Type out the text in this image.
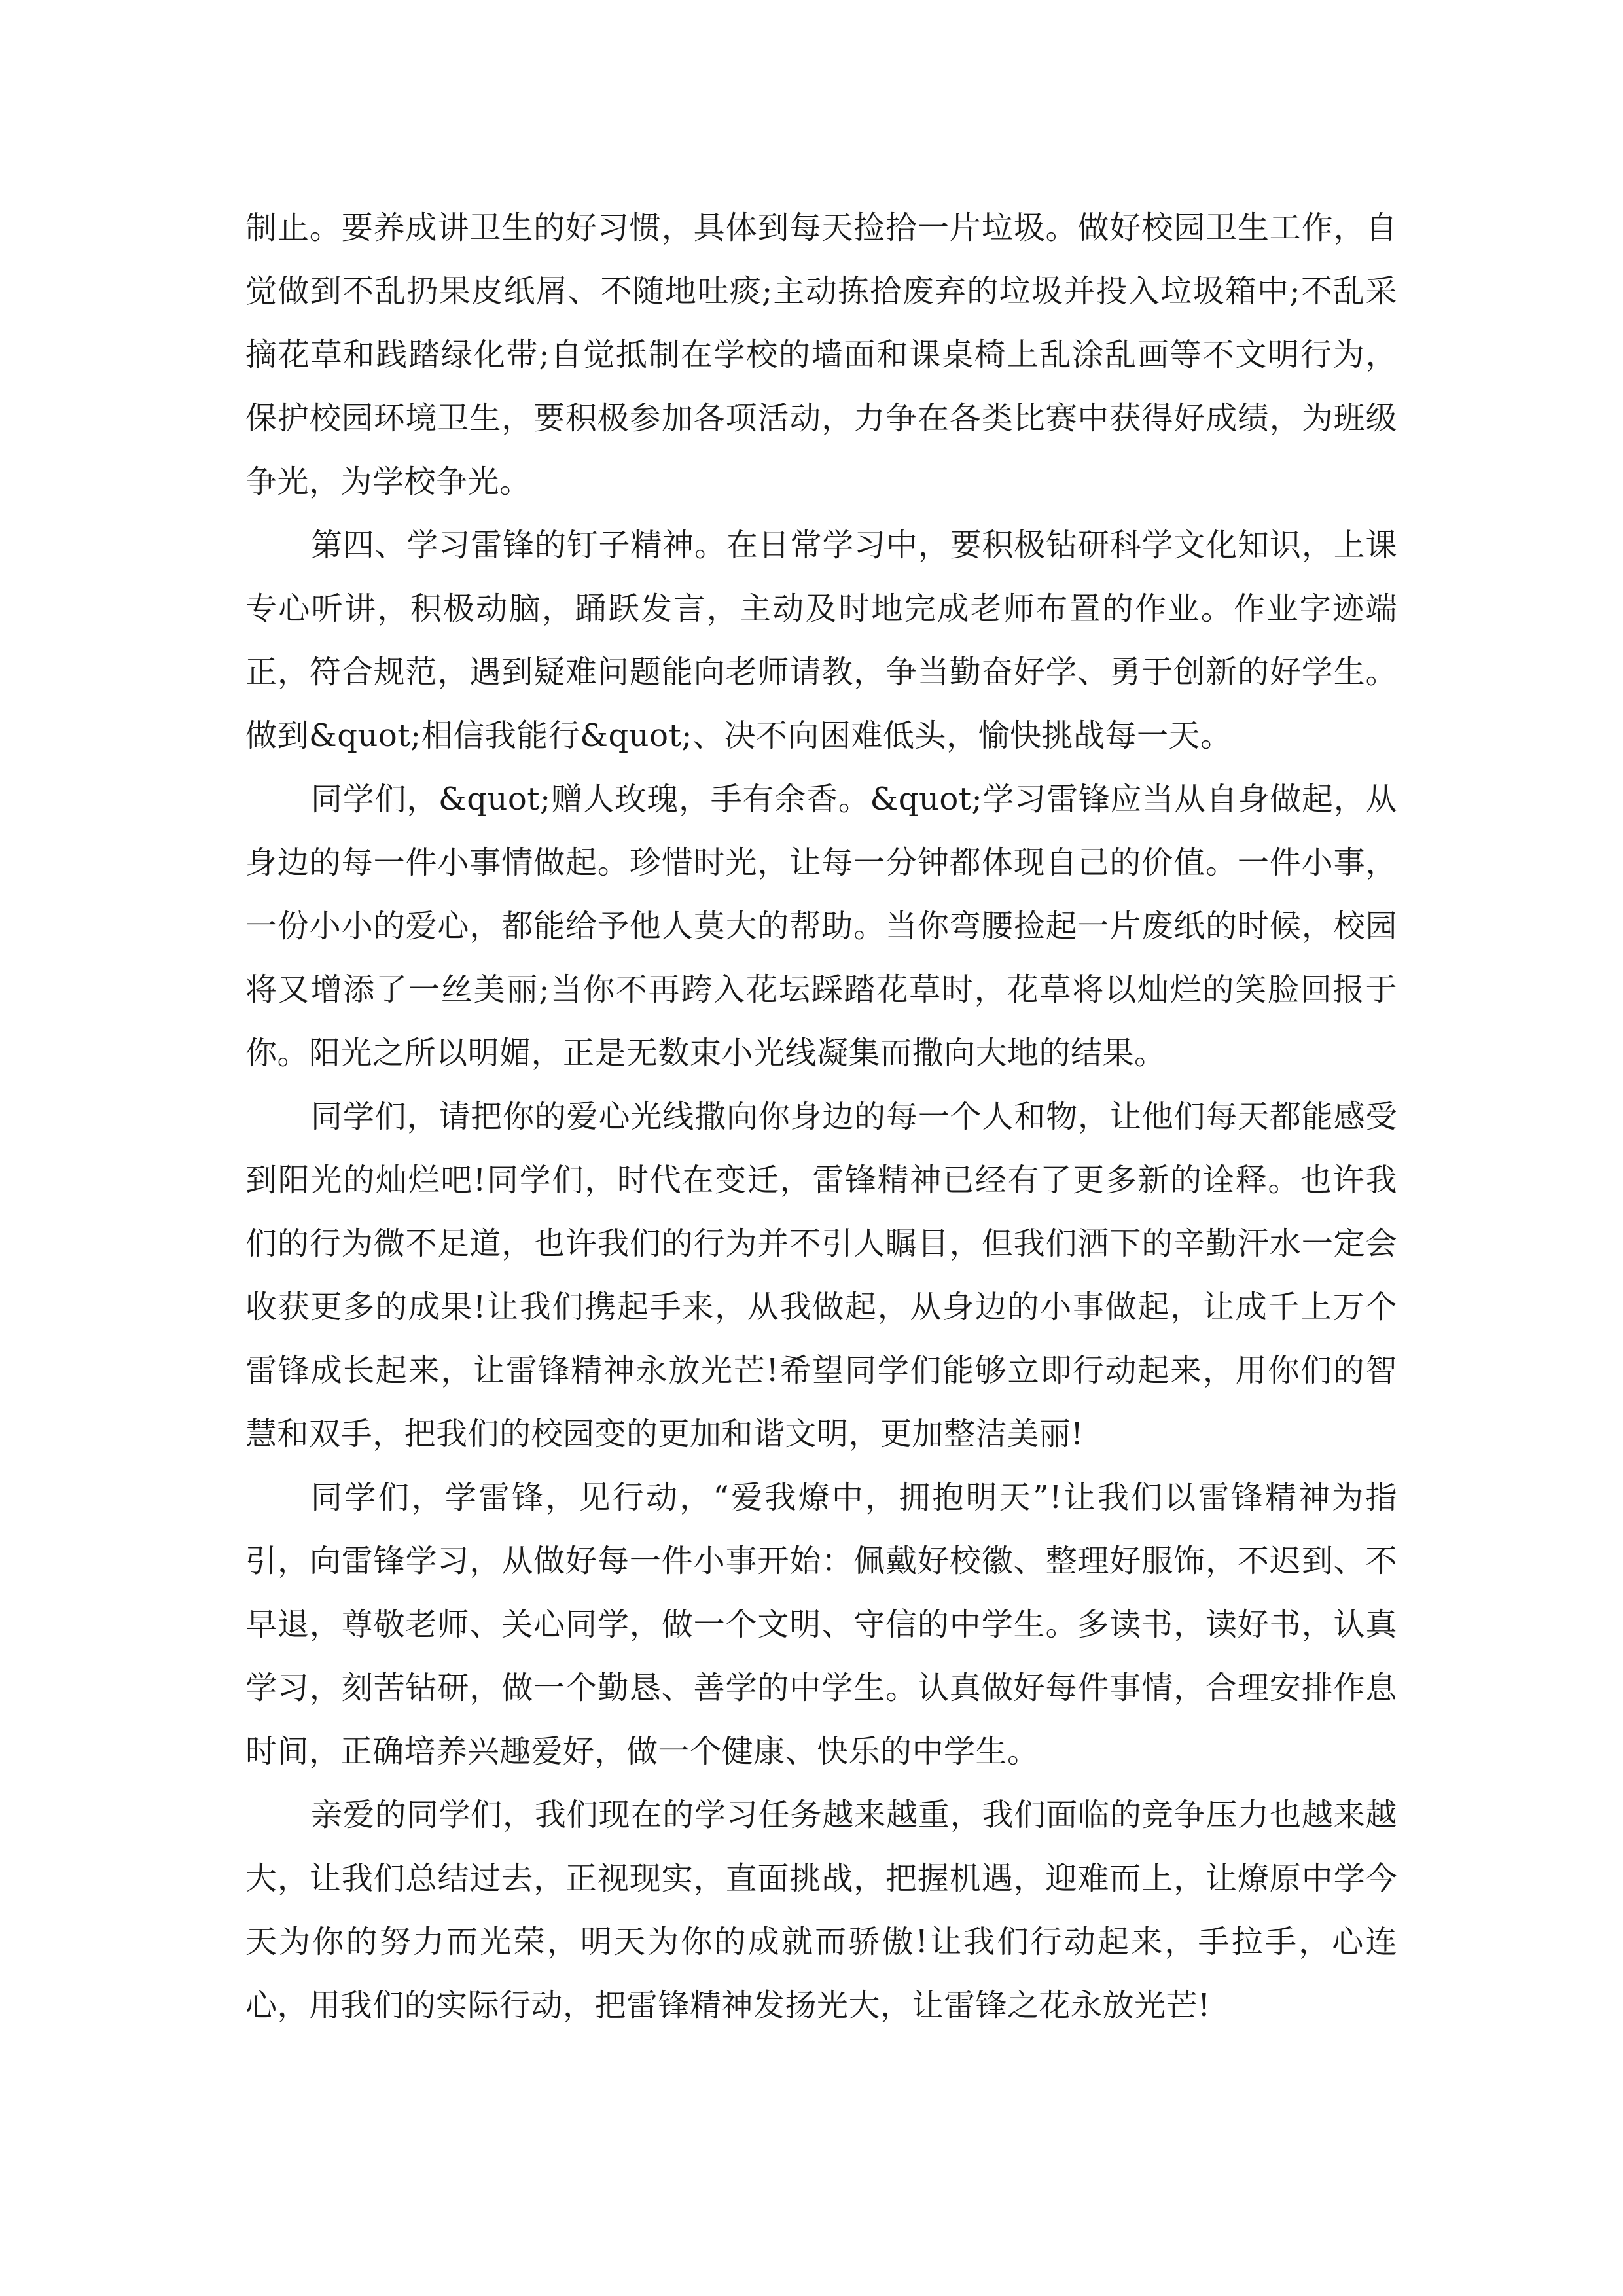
制止。要养成讲卫生的好习惯，具体到每天捡拾一片垃圾。做好校园卫生工作，自觉做到不乱扔果皮纸屑、不随地吐痰;主动拣拾废弃的垃圾并投入垃圾箱中;不乱采摘花草和践踏绿化带;自觉抵制在学校的墙面和课桌椅上乱涂乱画等不文明行为，保护校园环境卫生，要积极参加各项活动，力争在各类比赛中获得好成绩，为班级争光，为学校争光。

第四、学习雷锋的钉子精神。在日常学习中，要积极钻研科学文化知识，上课专心听讲，积极动脑，踊跃发言，主动及时地完成老师布置的作业。作业字迹端正，符合规范，遇到疑难问题能向老师请教，争当勤奋好学、勇于创新的好学生。做到&quot;相信我能行&quot;、决不向困难低头，愉快挑战每一天。

同学们，&quot;赠人玫瑰，手有余香。&quot;学习雷锋应当从自身做起，从身边的每一件小事情做起。珍惜时光，让每一分钟都体现自己的价值。一件小事，一份小小的爱心，都能给予他人莫大的帮助。当你弯腰捡起一片废纸的时候，校园将又增添了一丝美丽;当你不再跨入花坛踩踏花草时，花草将以灿烂的笑脸回报于你。阳光之所以明媚，正是无数束小光线凝集而撒向大地的结果。

同学们，请把你的爱心光线撒向你身边的每一个人和物，让他们每天都能感受到阳光的灿烂吧!同学们，时代在变迁，雷锋精神已经有了更多新的诠释。也许我们的行为微不足道，也许我们的行为并不引人瞩目，但我们洒下的辛勤汗水一定会收获更多的成果!让我们携起手来，从我做起，从身边的小事做起，让成千上万个雷锋成长起来，让雷锋精神永放光芒!希望同学们能够立即行动起来，用你们的智慧和双手，把我们的校园变的更加和谐文明，更加整洁美丽!

同学们，学雷锋，见行动，“爱我燎中，拥抱明天”!让我们以雷锋精神为指引，向雷锋学习，从做好每一件小事开始：佩戴好校徽、整理好服饰，不迟到、不早退，尊敬老师、关心同学，做一个文明、守信的中学生。多读书，读好书，认真学习，刻苦钻研，做一个勤恳、善学的中学生。认真做好每件事情，合理安排作息时间，正确培养兴趣爱好，做一个健康、快乐的中学生。

亲爱的同学们，我们现在的学习任务越来越重，我们面临的竞争压力也越来越大，让我们总结过去，正视现实，直面挑战，把握机遇，迎难而上，让燎原中学今天为你的努力而光荣，明天为你的成就而骄傲!让我们行动起来，手拉手，心连心，用我们的实际行动，把雷锋精神发扬光大，让雷锋之花永放光芒!
